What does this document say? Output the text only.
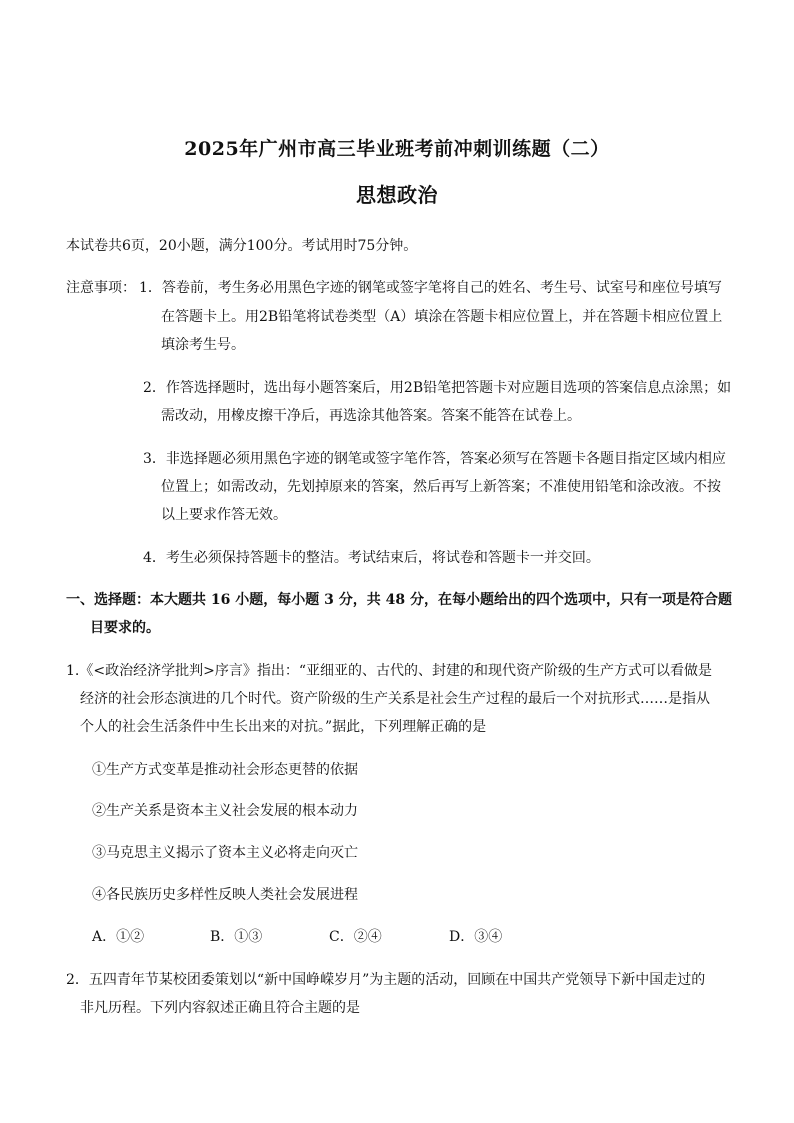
2025年广州市高三毕业班考前冲刺训练题（二）
思想政治
本试卷共6页，20小题，满分100分。考试用时75分钟。
注意事项： 1．答卷前，考生务必用黑色字迹的钢笔或签字笔将自己的姓名、考生号、试室号和座位号填写
在答题卡上。用2B铅笔将试卷类型（A）填涂在答题卡相应位置上，并在答题卡相应位置上
填涂考生号。
2．作答选择题时，选出每小题答案后，用2B铅笔把答题卡对应题目选项的答案信息点涂黑；如
需改动，用橡皮擦干净后，再选涂其他答案。答案不能答在试卷上。
3．非选择题必须用黑色字迹的钢笔或签字笔作答，答案必须写在答题卡各题目指定区域内相应
位置上；如需改动，先划掉原来的答案，然后再写上新答案；不准使用铅笔和涂改液。不按
以上要求作答无效。
4．考生必须保持答题卡的整洁。考试结束后，将试卷和答题卡一并交回。
一、选择题：本大题共 16 小题，每小题 3 分，共 48 分，在每小题给出的四个选项中，只有一项是符合题
目要求的。
1.《<政治经济学批判>序言》指出：“亚细亚的、古代的、封建的和现代资产阶级的生产方式可以看做是
经济的社会形态演进的几个时代。资产阶级的生产关系是社会生产过程的最后一个对抗形式……是指从
个人的社会生活条件中生长出来的对抗。”据此，下列理解正确的是
①生产方式变革是推动社会形态更替的依据
②生产关系是资本主义社会发展的根本动力
③马克思主义揭示了资本主义必将走向灭亡
④各民族历史多样性反映人类社会发展进程
A．①②	B．①③	C．②④	D．③④
2．五四青年节某校团委策划以“新中国峥嵘岁月”为主题的活动，回顾在中国共产党领导下新中国走过的
非凡历程。下列内容叙述正确且符合主题的是
